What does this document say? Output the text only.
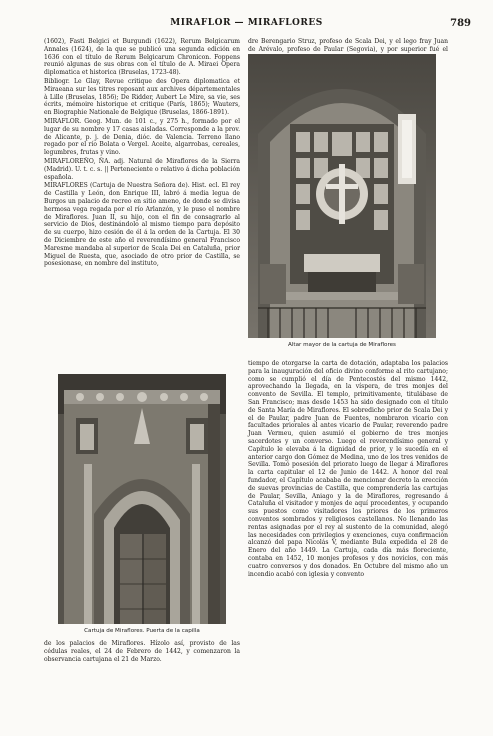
MIRAFLOR — MIRAFLORES	789

(1602), Fasti Belgici et Burgundi (1622), Rerum Belgicarum Annales (1624), de la que se publicó una segunda edición en 1636 con el título de Rerum Belgicarum Chronicon. Foppens reunió algunas de sus obras con el título de A. Miraei Opera diplomatica et historica (Bruselas, 1723-48).

Bibliogr. Le Glay, Revue critique des Opera diplomatica et Miraeana sur les titres reposant aux archives départementales à Lille (Bruselas, 1856); De Ridder, Aubert Le Mire, sa vie, ses écrits, mémoire historique et critique (París, 1865); Wauters, en Biographie Nationale de Belgique (Bruselas, 1866-1891).

MIRAFLOR. Geog. Mun. de 101 c., y 275 h., formado por el lugar de su nombre y 17 casas aisladas. Corresponde a la prov. de Alicante, p. j. de Denia, dióc. de Valencia. Terreno llano regado por el río Bolata o Vergel. Aceite, algarrobas, cereales, legumbres, frutas y vino.

MIRAFLOREÑO, ÑA. adj. Natural de Miraflores de la Sierra (Madrid). U. t. c. s. || Perteneciente o relativo á dicha población española.

MIRAFLORES (Cartuja de Nuestra Señora de). Hist. ecl. El rey de Castilla y León, don Enrique III, labró á media legua de Burgos un palacio de recreo en sitio ameno, de donde se divisa hermosa vega regada por el río Arlanzón, y le puso el nombre de Miraflores. Juan II, su hijo, con el fin de consagrarlo al servicio de Dios, destinándolo al mismo tiempo para depósito de su cuerpo, hizo cesión de él á la orden de la Cartuja. El 30 de Diciembre de este año el reverendísimo general Francisco Maresme mandaba al superior de Scala Dei en Cataluña, prior Miguel de Ruesta, que, asociado de otro prior de Castilla, se posesionase, en nombre del instituto,

dre Berengario Struz, profeso de Scala Dei, y el lego fray Juan de Arévalo, profeso de Paular (Segovia), y por superior fué el

Altar mayor de la cartuja de Miraflores
Cartuja de Miraflores. Puerta de la capilla

de los palacios de Miraflores. Hízolo así, provisto de las cédulas reales, el 24 de Febrero de 1442, y comenzaron la observancia cartujana el 21 de Marzo.

tiempo de otorgarse la carta de dotación, adaptaba los palacios para la inauguración del oficio divino conforme al rito cartujano; como se cumplió el día de Pentecostés del mismo 1442, aprovechando la llegada, en la víspera, de tres monjes del convento de Sevilla. El templo, primitivamente, titulábase de San Francisco; mas desde 1453 ha sido designado con el título de Santa María de Miraflores. El sobredicho prior de Scala Dei y el de Paular, padre Juan de Fuentes, nombraron vicario con facultades priorales al antes vicario de Paular, reverendo padre Juan Vermeu, quien asumió el gobierno de tres monjes sacerdotes y un converso. Luego el reverendísimo general y Capítulo le elevaba á la dignidad de prior, y le sucedía en el anterior cargo don Gómez de Medina, uno de los tres venidos de Sevilla. Tomó posesión del priorato luego de llegar á Miraflores la carta capitular el 12 de Junio de 1442. A honor del real fundador, el Capítulo acababa de mencionar decreto la erección de suevas provincias de Castilla, que comprendería las cartujas de Paular, Sevilla, Aniago y la de Miraflores, regresando á Cataluña el visitador y monjes de aquí procedentes, y ocupando sus puestos como visitadores los priores de los primeros conventos sombrados y religiosos castellanos. No llenando las rentas asignadas por el rey al sustento de la comunidad, alegó las necesidades con privilegios y exenciones, cuya confirmación alcanzó del papa Nicolás V, mediante Bula expedida el 28 de Enero del año 1449. La Cartuja, cada día más floreciente, contaba en 1452, 10 monjes profesos y dos novicios, con más cuatro conversos y dos donados. En Octubre del mismo año un incendio acabó con iglesia y convento
